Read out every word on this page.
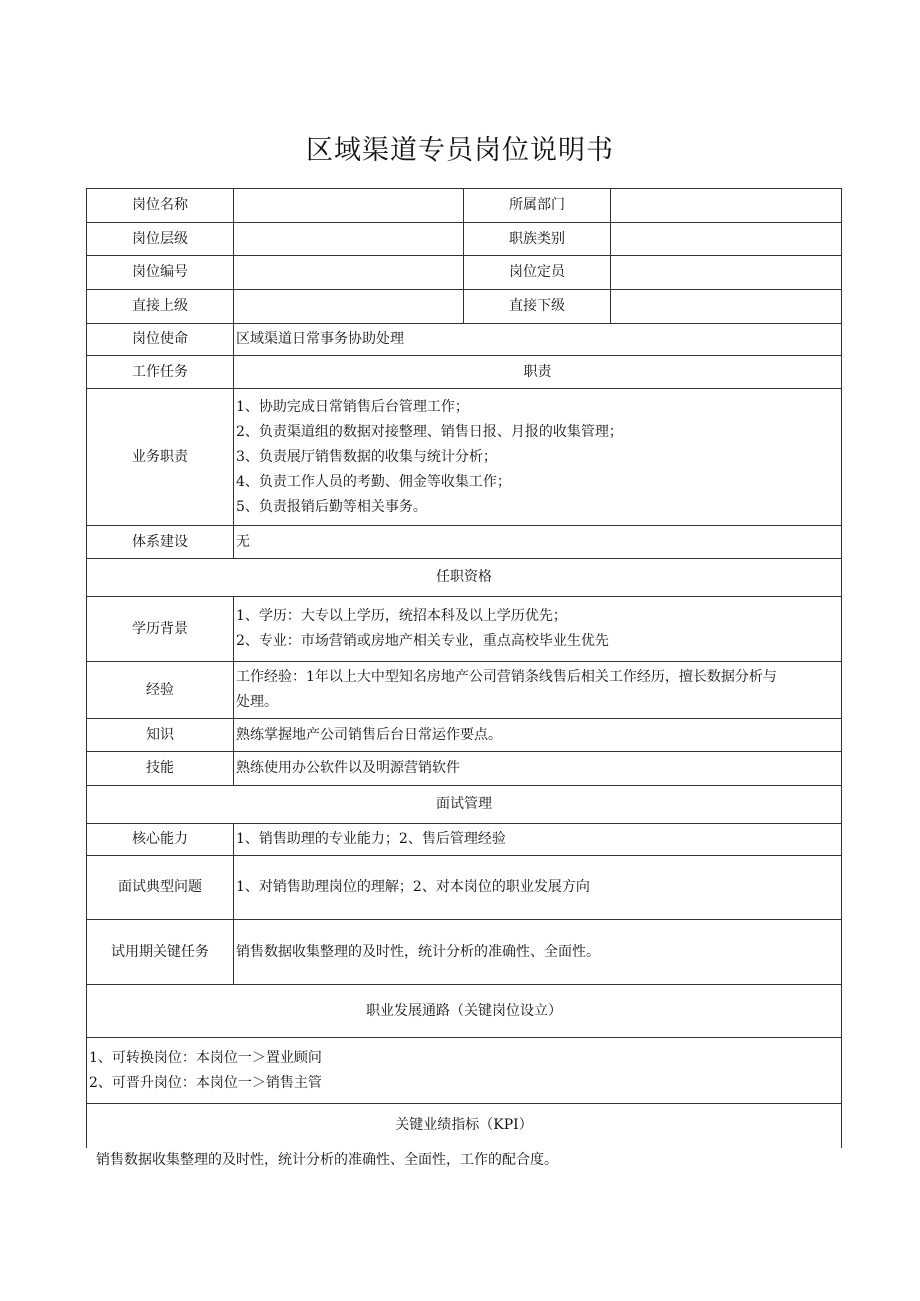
区域渠道专员岗位说明书
岗位名称		所属部门	
岗位层级		职族类别	
岗位编号		岗位定员	
直接上级		直接下级	
岗位使命	区域渠道日常事务协助处理		
工作任务	职责		
业务职责	1、协助完成日常销售后台管理工作；
2、负责渠道组的数据对接整理、销售日报、月报的收集管理；
3、负责展厅销售数据的收集与统计分析；
4、负责工作人员的考勤、佣金等收集工作；
5、负责报销后勤等相关事务。		

体系建设	无		
任职资格			
学历背景	1、学历：大专以上学历，统招本科及以上学历优先；
2、专业：市场营销或房地产相关专业，重点高校毕业生优先		

经验	工作经验：1年以上大中型知名房地产公司营销条线售后相关工作经历，擅长数据分析与
处理。		

知识	熟练掌握地产公司销售后台日常运作要点。		
技能	熟练使用办公软件以及明源营销软件		
面试管理			
核心能力	1、销售助理的专业能力；2、售后管理经验		
面试典型问题	1、对销售助理岗位的理解；2、对本岗位的职业发展方向		
试用期关键任务	销售数据收集整理的及时性，统计分析的准确性、全面性。		
职业发展通路（关键岗位设立）			

1、可转换岗位：本岗位一＞置业顾问
2、可晋升岗位：本岗位一＞销售主管			

关键业绩指标（KPI）			
销售数据收集整理的及时性，统计分析的准确性、全面性，工作的配合度。
